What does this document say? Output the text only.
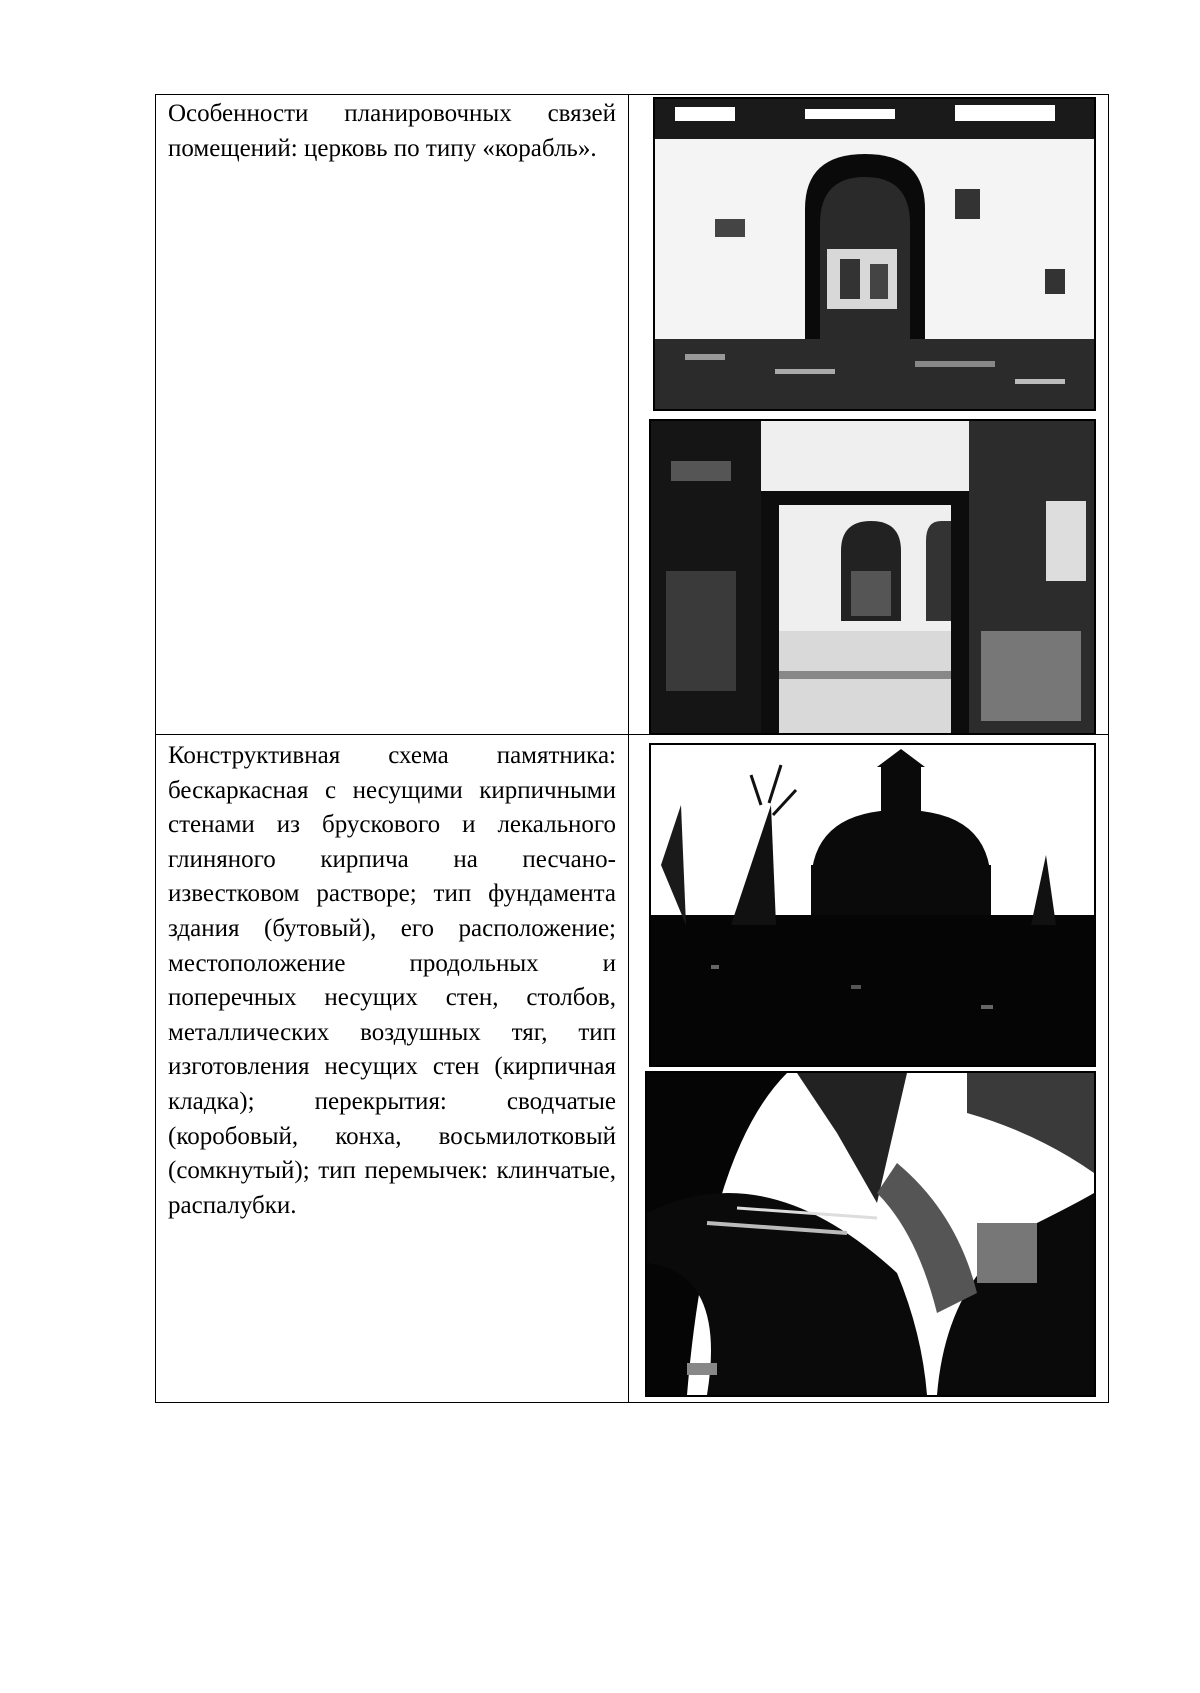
Особенности планировочных связей помещений: церковь по типу «корабль».

Конструктивная схема памятника: бескаркасная с несущими кирпичными стенами из брускового и лекального глиняного кирпича на песчано-известковом растворе; тип фундамента здания (бутовый), его расположение; местоположение продольных и поперечных несущих стен, столбов, металлических воздушных тяг, тип изготовления несущих стен (кирпичная кладка); перекрытия: сводчатые (коробовый, конха, восьмилотковый (сомкнутый); тип перемычек: клинчатые, распалубки.
